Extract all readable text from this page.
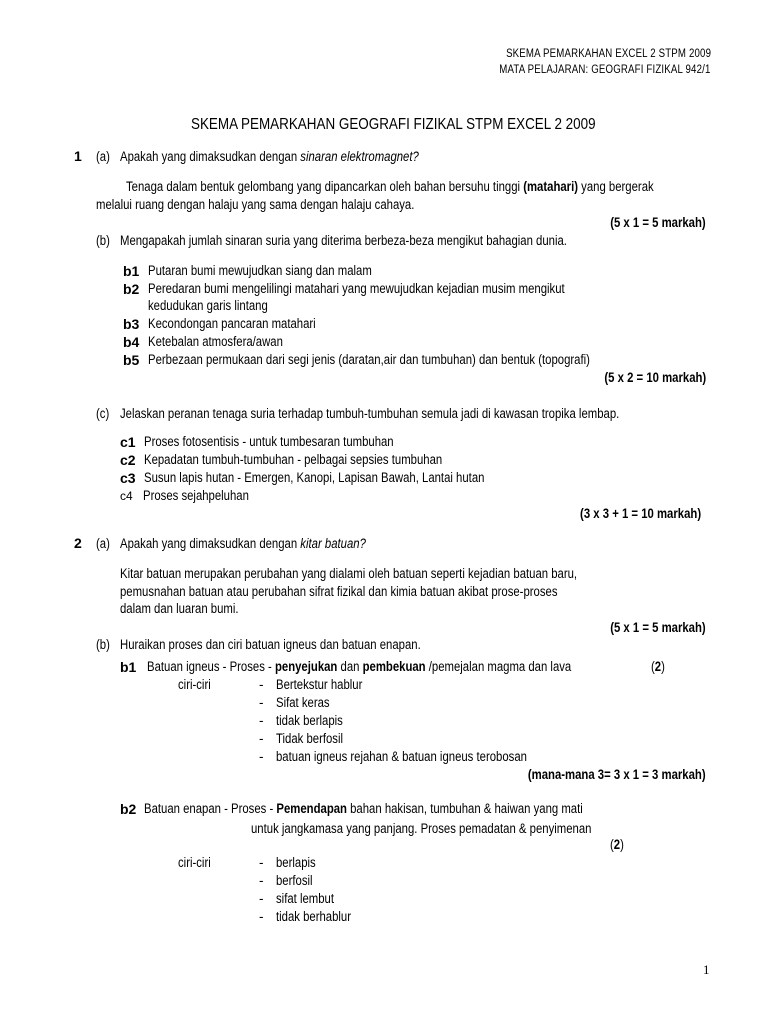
SKEMA PEMARKAHAN EXCEL 2 STPM 2009
MATA PELAJARAN: GEOGRAFI FIZIKAL 942/1
SKEMA PEMARKAHAN GEOGRAFI FIZIKAL STPM EXCEL 2 2009
1 (a) Apakah yang dimaksudkan dengan sinaran elektromagnet?
Tenaga dalam bentuk gelombang yang dipancarkan oleh bahan bersuhu tinggi (matahari) yang bergerak
melalui ruang dengan halaju yang sama dengan halaju cahaya.
(5 x 1 = 5 markah)
(b) Mengapakah jumlah sinaran suria yang diterima berbeza-beza mengikut bahagian dunia.
b1 Putaran bumi mewujudkan siang dan malam
b2 Peredaran bumi mengelilingi matahari yang mewujudkan kejadian musim mengikut
kedudukan garis lintang
b3 Kecondongan pancaran matahari
b4 Ketebalan atmosfera/awan
b5 Perbezaan permukaan dari segi jenis (daratan,air dan tumbuhan) dan bentuk (topografi)
(5 x 2 = 10 markah)
(c) Jelaskan peranan tenaga suria terhadap tumbuh-tumbuhan semula jadi di kawasan tropika lembap.
c1 Proses fotosentisis - untuk tumbesaran tumbuhan
c2 Kepadatan tumbuh-tumbuhan - pelbagai sepsies tumbuhan
c3 Susun lapis hutan - Emergen, Kanopi, Lapisan Bawah, Lantai hutan
c4 Proses sejahpeluhan
(3 x 3 + 1 = 10 markah)
2 (a) Apakah yang dimaksudkan dengan kitar batuan?
Kitar batuan merupakan perubahan yang dialami oleh batuan seperti kejadian batuan baru,
pemusnahan batuan atau perubahan sifrat fizikal dan kimia batuan akibat prose-proses
dalam dan luaran bumi.
(5 x 1 = 5 markah)
(b) Huraikan proses dan ciri batuan igneus dan batuan enapan.
b1 Batuan igneus - Proses - penyejukan dan pembekuan /pemejalan magma dan lava	(2)
ciri-ciri	- Bertekstur hablur
- Sifat keras
- tidak berlapis
- Tidak berfosil
- batuan igneus rejahan & batuan igneus terobosan
(mana-mana 3= 3 x 1 = 3 markah)
b2 Batuan enapan - Proses - Pemendapan bahan hakisan, tumbuhan & haiwan yang mati
untuk jangkamasa yang panjang. Proses pemadatan & penyimenan
(2)
ciri-ciri	- berlapis
- berfosil
- sifat lembut
- tidak berhablur
1
